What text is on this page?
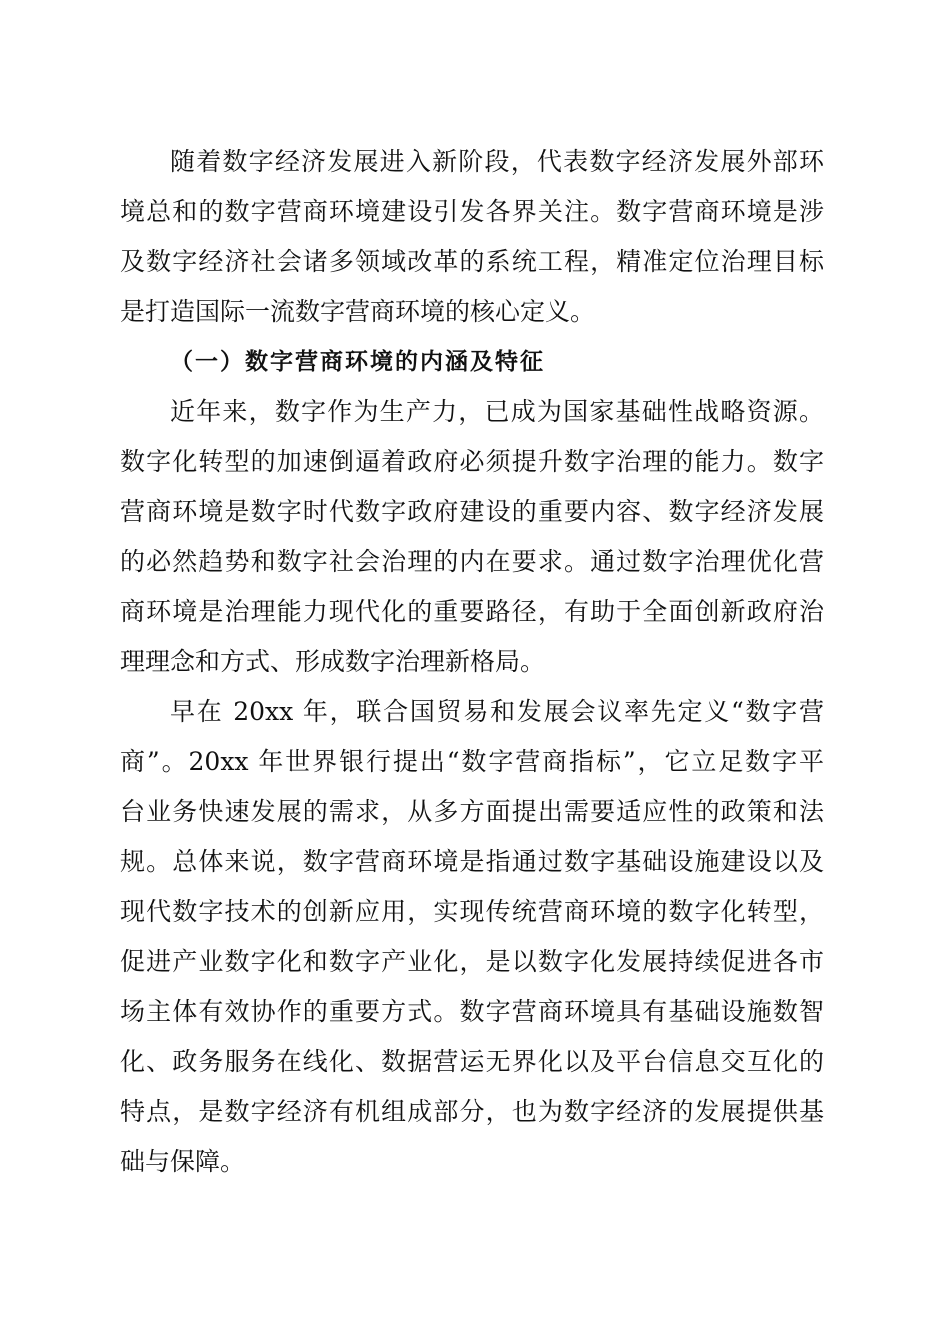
随着数字经济发展进入新阶段，代表数字经济发展外部环
境总和的数字营商环境建设引发各界关注。数字营商环境是涉
及数字经济社会诸多领域改革的系统工程，精准定位治理目标
是打造国际一流数字营商环境的核心定义。
（一）数字营商环境的内涵及特征
近年来，数字作为生产力，已成为国家基础性战略资源。
数字化转型的加速倒逼着政府必须提升数字治理的能力。数字
营商环境是数字时代数字政府建设的重要内容、数字经济发展
的必然趋势和数字社会治理的内在要求。通过数字治理优化营
商环境是治理能力现代化的重要路径，有助于全面创新政府治
理理念和方式、形成数字治理新格局。
早在 20xx 年，联合国贸易和发展会议率先定义“数字营
商”。20xx 年世界银行提出“数字营商指标”，它立足数字平
台业务快速发展的需求，从多方面提出需要适应性的政策和法
规。总体来说，数字营商环境是指通过数字基础设施建设以及
现代数字技术的创新应用，实现传统营商环境的数字化转型，
促进产业数字化和数字产业化，是以数字化发展持续促进各市
场主体有效协作的重要方式。数字营商环境具有基础设施数智
化、政务服务在线化、数据营运无界化以及平台信息交互化的
特点，是数字经济有机组成部分，也为数字经济的发展提供基
础与保障。
